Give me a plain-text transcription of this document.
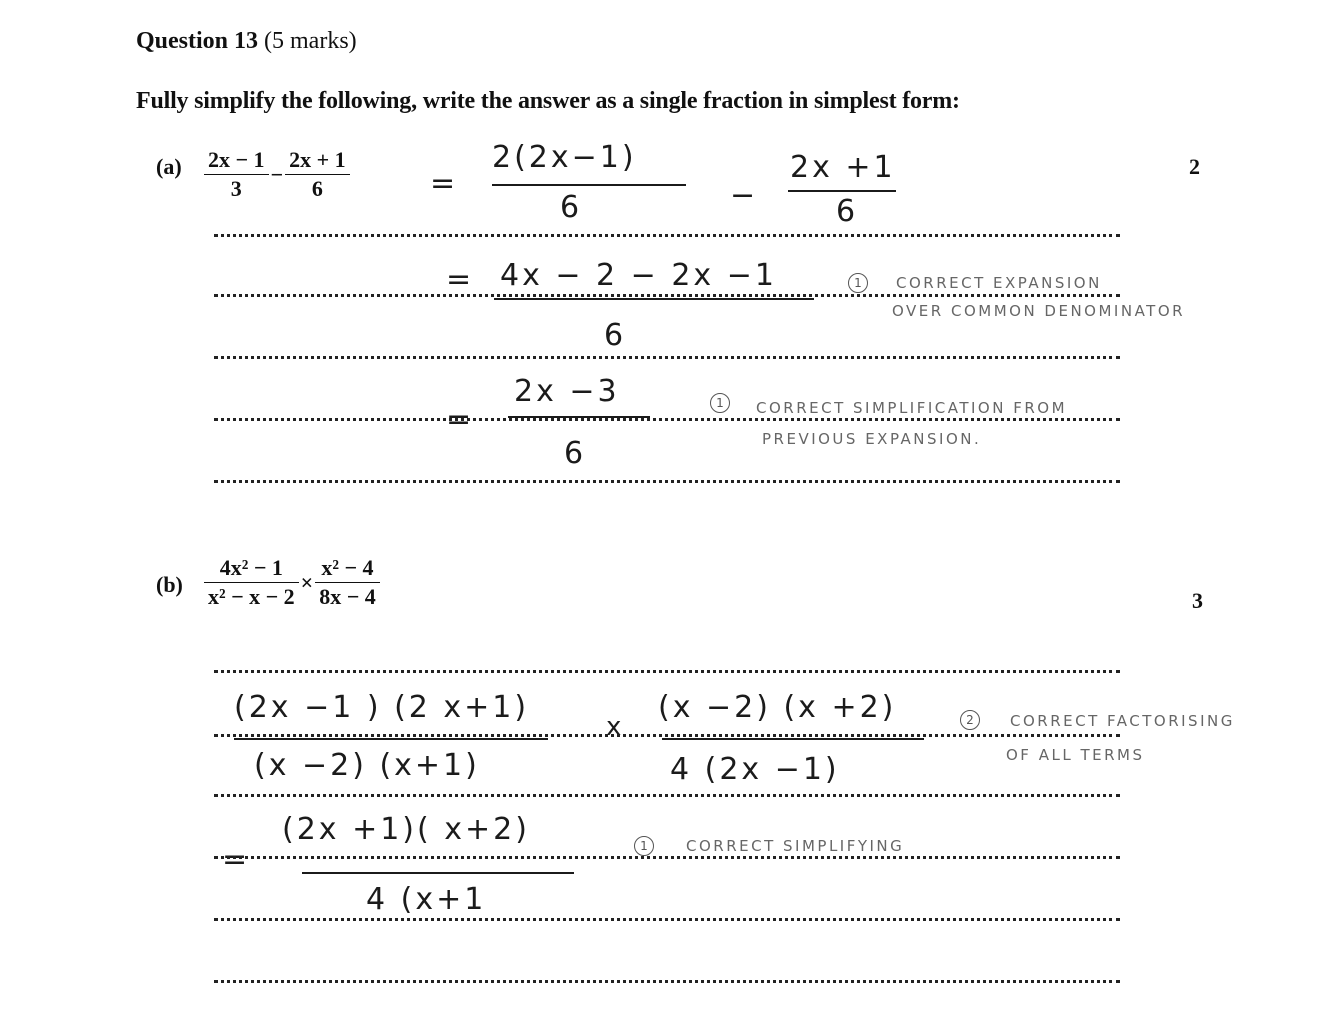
Question 13 (5 marks)
Fully simplify the following, write the answer as a single fraction in simplest form:
$(a) \frac{2x - 1}{3} - \frac{2x + 1}{6}$	2
=
2(2x−1)
6	−
2x +1
6
= 4x − 2 − 2x −1
6
1	CORRECT EXPANSION
OVER COMMON DENOMINATOR
=
2x −3
6
1	CORRECT SIMPLIFICATION FROM
PREVIOUS EXPANSION.
$(b) \frac{\text{4x² − 1}}{\text{x² − x − 2}} \times \frac{\text{x² − 4}}{8x - 4}$	3
(2x −1 ) (2 x+1)
(x −2) (x+1)
x
(x −2) (x +2)
4 (2x −1)
2	CORRECT FACTORISING
OF ALL TERMS
=
(2x +1)( x+2)
4 (x+1
1	CORRECT SIMPLIFYING
